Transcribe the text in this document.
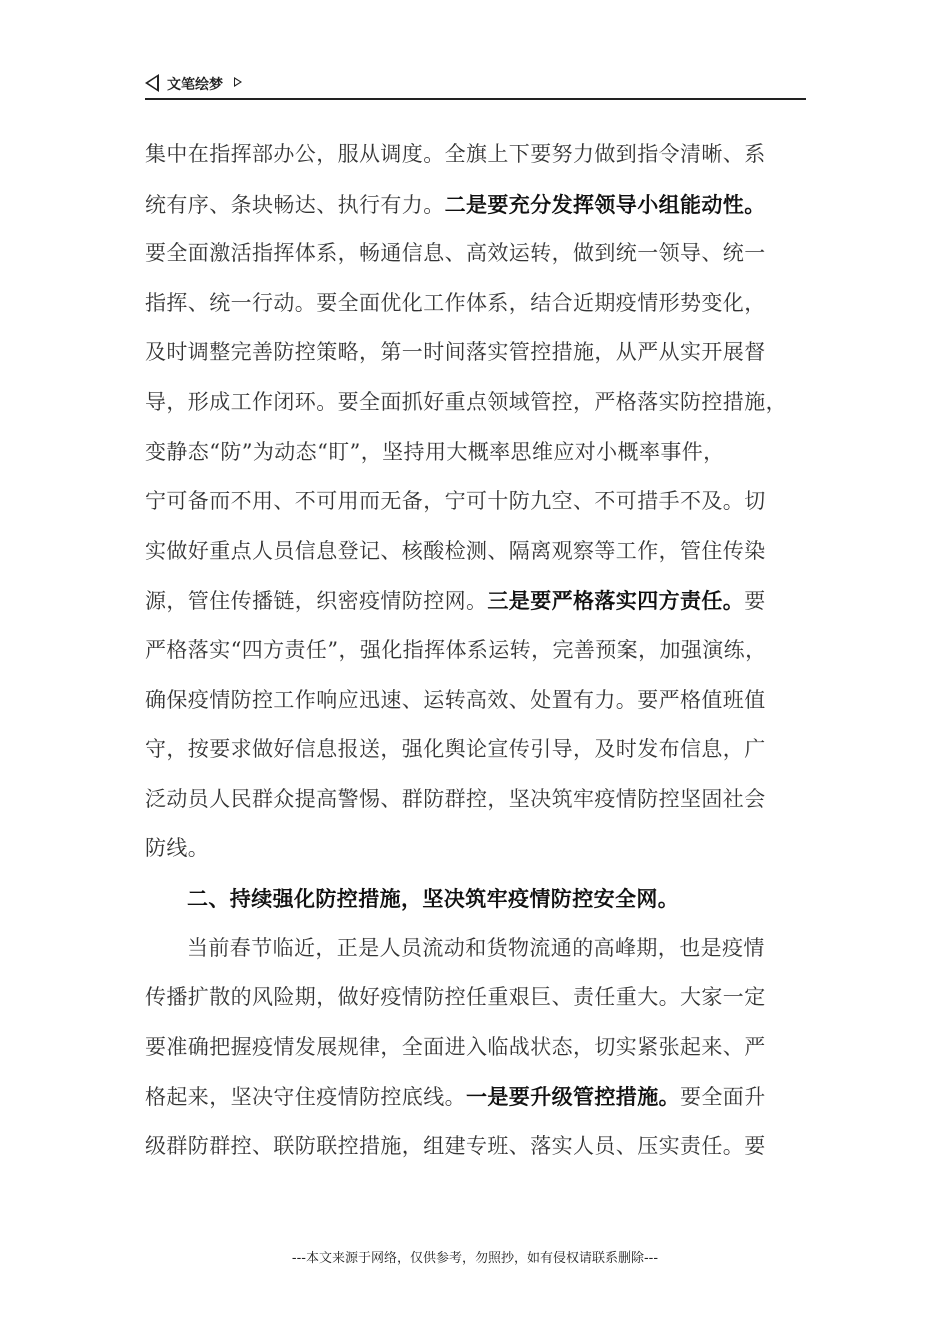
文笔绘梦
集中在指挥部办公，服从调度。全旗上下要努力做到指令清晰、系
统有序、条块畅达、执行有力。二是要充分发挥领导小组能动性。
要全面激活指挥体系，畅通信息、高效运转，做到统一领导、统一
指挥、统一行动。要全面优化工作体系，结合近期疫情形势变化，
及时调整完善防控策略，第一时间落实管控措施，从严从实开展督
导，形成工作闭环。要全面抓好重点领域管控，严格落实防控措施，
变静态“防”为动态“盯”，坚持用大概率思维应对小概率事件，
宁可备而不用、不可用而无备，宁可十防九空、不可措手不及。切
实做好重点人员信息登记、核酸检测、隔离观察等工作，管住传染
源，管住传播链，织密疫情防控网。三是要严格落实四方责任。要
严格落实“四方责任”，强化指挥体系运转，完善预案，加强演练，
确保疫情防控工作响应迅速、运转高效、处置有力。要严格值班值
守，按要求做好信息报送，强化舆论宣传引导，及时发布信息，广
泛动员人民群众提高警惕、群防群控，坚决筑牢疫情防控坚固社会
防线。
二、持续强化防控措施，坚决筑牢疫情防控安全网。
当前春节临近，正是人员流动和货物流通的高峰期，也是疫情
传播扩散的风险期，做好疫情防控任重艰巨、责任重大。大家一定
要准确把握疫情发展规律，全面进入临战状态，切实紧张起来、严
格起来，坚决守住疫情防控底线。一是要升级管控措施。要全面升
级群防群控、联防联控措施，组建专班、落实人员、压实责任。要
---本文来源于网络，仅供参考，勿照抄，如有侵权请联系删除---
